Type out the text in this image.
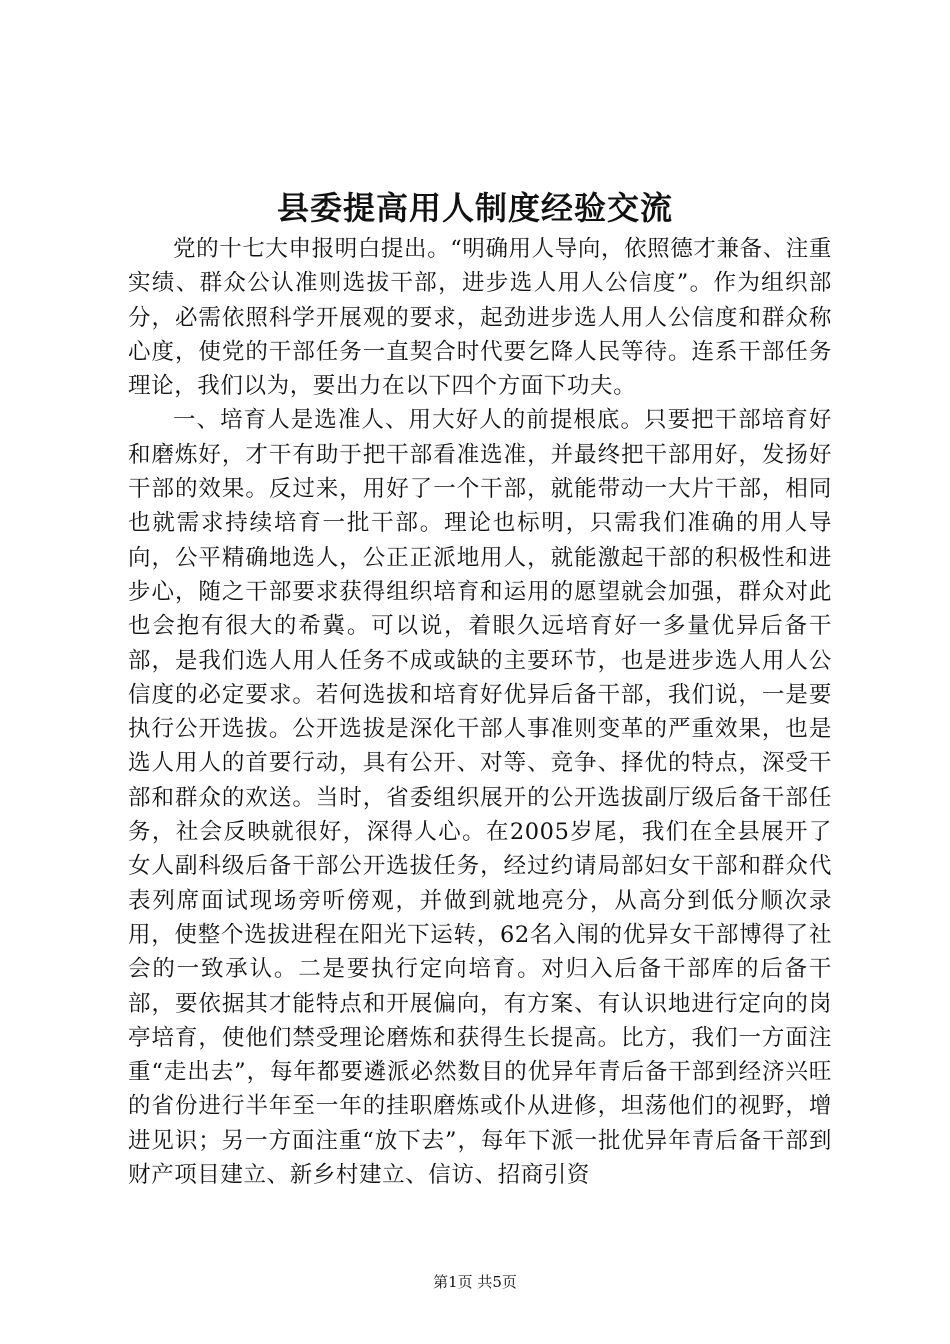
县委提高用人制度经验交流

党的十七大申报明白提出。“明确用人导向，依照德才兼备、注重实绩、群众公认准则选拔干部，进步选人用人公信度”。作为组织部分，必需依照科学开展观的要求，起劲进步选人用人公信度和群众称心度，使党的干部任务一直契合时代要乞降人民等待。连系干部任务理论，我们以为，要出力在以下四个方面下功夫。

一、培育人是选准人、用大好人的前提根底。只要把干部培育好和磨炼好，才干有助于把干部看准选准，并最终把干部用好，发扬好干部的效果。反过来，用好了一个干部，就能带动一大片干部，相同也就需求持续培育一批干部。理论也标明，只需我们准确的用人导向，公平精确地选人，公正正派地用人，就能激起干部的积极性和进步心，随之干部要求获得组织培育和运用的愿望就会加强，群众对此也会抱有很大的希冀。可以说，着眼久远培育好一多量优异后备干部，是我们选人用人任务不成或缺的主要环节，也是进步选人用人公信度的必定要求。若何选拔和培育好优异后备干部，我们说，一是要执行公开选拔。公开选拔是深化干部人事准则变革的严重效果，也是选人用人的首要行动，具有公开、对等、竞争、择优的特点，深受干部和群众的欢送。当时，省委组织展开的公开选拔副厅级后备干部任务，社会反映就很好，深得人心。在2005岁尾，我们在全县展开了女人副科级后备干部公开选拔任务，经过约请局部妇女干部和群众代表列席面试现场旁听傍观，并做到就地亮分，从高分到低分顺次录用，使整个选拔进程在阳光下运转，62名入闱的优异女干部博得了社会的一致承认。二是要执行定向培育。对归入后备干部库的后备干部，要依据其才能特点和开展偏向，有方案、有认识地进行定向的岗亭培育，使他们禁受理论磨炼和获得生长提高。比方，我们一方面注重“走出去”，每年都要遴派必然数目的优异年青后备干部到经济兴旺的省份进行半年至一年的挂职磨炼或仆从进修，坦荡他们的视野，增进见识；另一方面注重“放下去”，每年下派一批优异年青后备干部到财产项目建立、新乡村建立、信访、招商引资

第1页 共5页
